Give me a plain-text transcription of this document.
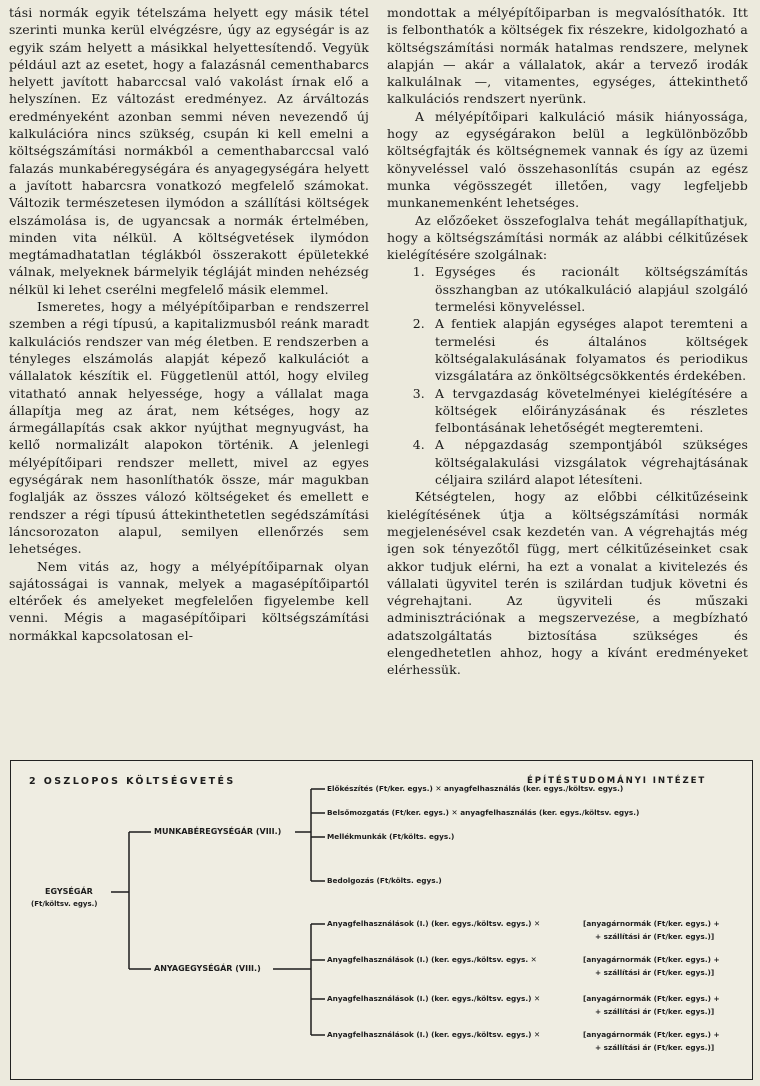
tási normák egyik tételszáma helyett egy másik tétel szerinti munka kerül elvégzésre, úgy az egységár is az egyik szám helyett a másikkal helyettesítendő. Vegyük például azt az esetet, hogy a falazásnál cementhabarcs helyett javított habarccsal való vakolást írnak elő a helyszínen. Ez változást eredményez. Az árváltozás eredményeként azonban semmi néven nevezendő új kalkulációra nincs szükség, csupán ki kell emelni a költségszámítási normákból a cementhabarccsal való falazás munkabéregységára és anyagegységára helyett a javított habarcsra vonatkozó megfelelő számokat. Változik természetesen ilymódon a szállítási költségek elszámolása is, de ugyancsak a normák értelmében, minden vita nélkül. A költségvetések ilymódon megtámadhatatlan téglákból összerakott épületekké válnak, melyeknek bármelyik tégláját minden nehézség nélkül ki lehet cserélni megfelelő másik elemmel.

Ismeretes, hogy a mélyépítőiparban e rendszerrel szemben a régi típusú, a kapitalizmusból reánk maradt kalkulációs rendszer van még életben. E rendszerben a tényleges elszámolás alapját képező kalkulációt a vállalatok készítik el. Függetlenül attól, hogy elvileg vitatható annak helyessége, hogy a vállalat maga állapítja meg az árat, nem kétséges, hogy az ármegállapítás csak akkor nyújthat megnyugvást, ha kellő normalizált alapokon történik. A jelenlegi mélyépítőipari rendszer mellett, mivel az egyes egységárak nem hasonlíthatók össze, már magukban foglalják az összes válozó költségeket és emellett e rendszer a régi típusú áttekinthetetlen segédszámítási láncsorozaton alapul, semilyen ellenőrzés sem lehetséges.

Nem vitás az, hogy a mélyépítőiparnak olyan sajátosságai is vannak, melyek a magasépítőipartól eltérőek és amelyeket megfelelően figyelembe kell venni. Mégis a magasépítőipari költségszámítási normákkal kapcsolatosan el-

mondottak a mélyépítőiparban is megvalósíthatók. Itt is felbonthatók a költségek fix részekre, kidolgozható a költségszámítási normák hatalmas rendszere, melynek alapján — akár a vállalatok, akár a tervező irodák kalkulálnak —, vitamentes, egységes, áttekinthető kalkulációs rendszert nyerünk.

A mélyépítőipari kalkuláció másik hiányossága, hogy az egységárakon belül a legkülönbözőbb költségfajták és költségnemek vannak és így az üzemi könyveléssel való összehasonlítás csupán az egész munka végösszegét illetően, vagy legfeljebb munkanemenként lehetséges.

Az előzőeket összefoglalva tehát megállapíthatjuk, hogy a költségszámítási normák az alábbi célkitűzések kielégítésére szolgálnak:

1. Egységes és racionált költségszámítás összhangban az utókalkuláció alapjául szolgáló termelési könyveléssel.
2. A fentiek alapján egységes alapot teremteni a termelési és általános költségek költségalakulásának folyamatos és periodikus vizsgálatára az önköltségcsökkentés érdekében.
3. A tervgazdaság követelményei kielégítésére a költségek előirányzásának és részletes felbontásának lehetőségét megteremteni.
4. A népgazdaság szempontjából szükséges költségalakulási vizsgálatok végrehajtásának céljaira szilárd alapot létesíteni.

Kétségtelen, hogy az előbbi célkitűzéseink kielégítésének útja a költségszámítási normák megjelenésével csak kezdetén van. A végrehajtás még igen sok tényezőtől függ, mert célkitűzéseinket csak akkor tudjuk elérni, ha ezt a vonalat a kivitelezés és vállalati ügyvitel terén is szilárdan tudjuk követni és végrehajtani. Az ügyviteli és műszaki adminisztrációnak a megszervezése, a megbízható adatszolgáltatás biztosítása szükséges és elengedhetetlen ahhoz, hogy a kívánt eredményeket elérhessük.

2 OSZLOPOS KÖLTSÉGVETÉS	ÉPÍTÉSTUDOMÁNYI INTÉZET
EGYSÉGÁR
(Ft/költsv. egys.)
MUNKABÉREGYSÉGÁR (VIII.)
ANYAGEGYSÉGÁR (VIII.)
Előkészítés (Ft/ker. egys.) ✕ anyagfelhasználás (ker. egys./költsv. egys.)
Belsőmozgatás (Ft/ker. egys.) ✕ anyagfelhasználás (ker. egys./költsv. egys.)
Mellékmunkák (Ft/költs. egys.)
Bedolgozás (Ft/költs. egys.)
Anyagfelhasználások (I.) (ker. egys./költsv. egys.) ✕	[anyagárnormák (Ft/ker. egys.) +
+ szállítási ár (Ft/ker. egys.)]
Anyagfelhasználások (I.) (ker. egys./költsv. egys. ✕	[anyagárnormák (Ft/ker. egys.) +
+ szállítási ár (Ft/ker. egys.)]
Anyagfelhasználások (I.) (ker. egys./költsv. egys.) ✕	[anyagárnormák (Ft/ker. egys.) +
+ szállítási ár (Ft/ker. egys.)]
Anyagfelhasználások (I.) (ker. egys./költsv. egys.) ✕	[anyagárnormák (Ft/ker. egys.) +
+ szállítási ár (Ft/ker. egys.)]
